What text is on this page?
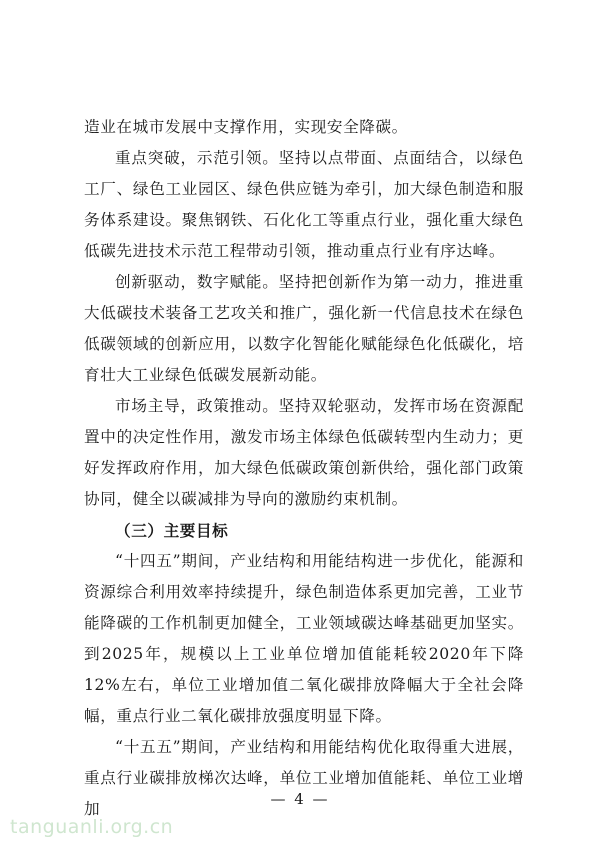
造业在城市发展中支撑作用，实现安全降碳。

重点突破，示范引领。坚持以点带面、点面结合，以绿色工厂、绿色工业园区、绿色供应链为牵引，加大绿色制造和服务体系建设。聚焦钢铁、石化化工等重点行业，强化重大绿色低碳先进技术示范工程带动引领，推动重点行业有序达峰。

创新驱动，数字赋能。坚持把创新作为第一动力，推进重大低碳技术装备工艺攻关和推广，强化新一代信息技术在绿色低碳领域的创新应用，以数字化智能化赋能绿色化低碳化，培育壮大工业绿色低碳发展新动能。

市场主导，政策推动。坚持双轮驱动，发挥市场在资源配置中的决定性作用，激发市场主体绿色低碳转型内生动力；更好发挥政府作用，加大绿色低碳政策创新供给，强化部门政策协同，健全以碳减排为导向的激励约束机制。

（三）主要目标

“十四五”期间，产业结构和用能结构进一步优化，能源和资源综合利用效率持续提升，绿色制造体系更加完善，工业节能降碳的工作机制更加健全，工业领域碳达峰基础更加坚实。到2025年，规模以上工业单位增加值能耗较2020年下降12%左右，单位工业增加值二氧化碳排放降幅大于全社会降幅，重点行业二氧化碳排放强度明显下降。

“十五五”期间，产业结构和用能结构优化取得重大进展，重点行业碳排放梯次达峰，单位工业增加值能耗、单位工业增加

— 4 —
tanguanli.org.cn
